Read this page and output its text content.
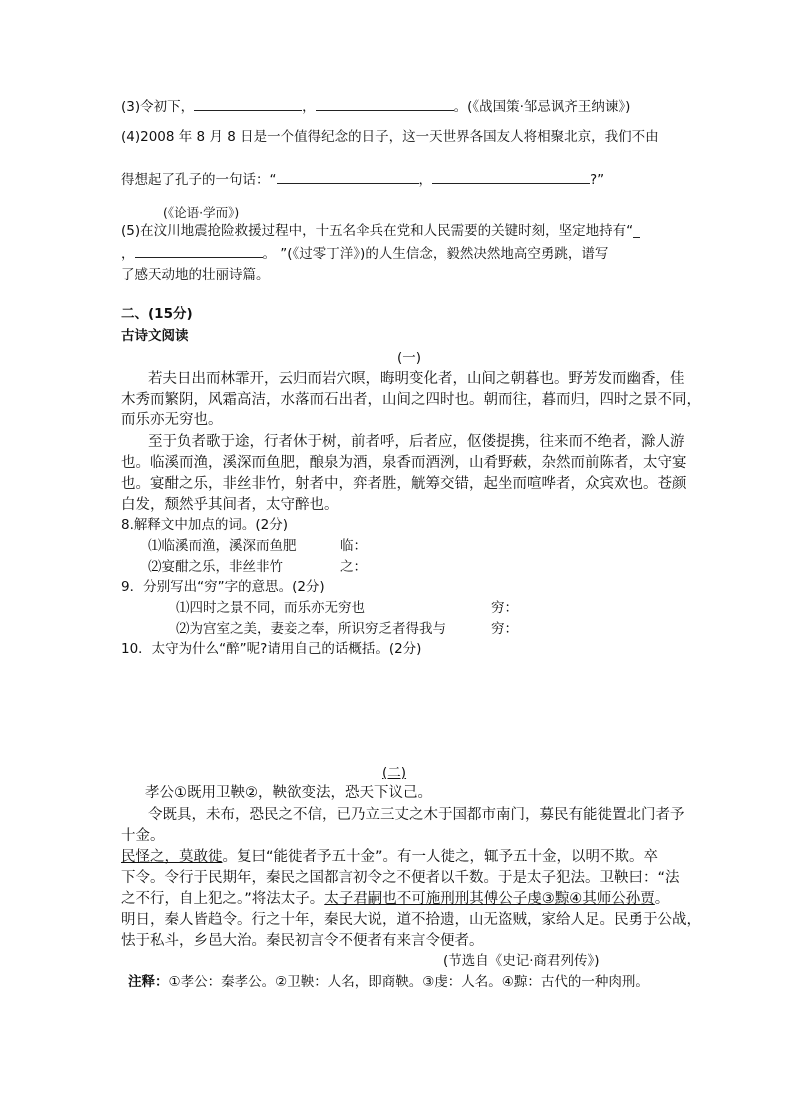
(3)令初下，	，	。(《战国策·邹忌讽齐王纳谏》)
(4)2008 年 8 月 8 日是一个值得纪念的日子，这一天世界各国友人将相聚北京，我们不由
得想起了孔子的一句话：“	，	?”
(《论语·学而》)
(5)在汶川地震抢险救援过程中，十五名伞兵在党和人民需要的关键时刻，坚定地持有“_
，	。 ”(《过零丁洋》)的人生信念，毅然决然地高空勇跳，谱写
了感天动地的壮丽诗篇。
二、(15分)
古诗文阅读
(一)
若夫日出而林霏开，云归而岩穴暝，晦明变化者，山间之朝暮也。野芳发而幽香，佳
木秀而繁阴，风霜高洁，水落而石出者，山间之四时也。朝而往，暮而归，四时之景不同，
而乐亦无穷也。
至于负者歌于途，行者休于树，前者呼，后者应，伛偻提携，往来而不绝者，滁人游
也。临溪而渔，溪深而鱼肥，酿泉为酒，泉香而酒洌，山肴野蔌，杂然而前陈者，太守宴
也。宴酣之乐，非丝非竹，射者中，弈者胜，觥筹交错，起坐而喧哗者，众宾欢也。苍颜
白发，颓然乎其间者，太守醉也。
8.解释文中加点的词。(2分)
⑴临溪而渔，溪深而鱼肥	临：
⑵宴酣之乐，非丝非竹	之：
9．分别写出“穷”字的意思。(2分)
⑴四时之景不同，而乐亦无穷也	穷：
⑵为宫室之美，妻妾之奉，所识穷乏者得我与	穷：
10．太守为什么“醉”呢?请用自己的话概括。(2分)
(二)
孝公①既用卫鞅②，鞅欲变法，恐天下议己。
令既具，未布，恐民之不信，已乃立三丈之木于国都市南门，募民有能徙置北门者予
十金。
民怪之，莫敢徙。复曰“能徙者予五十金”。有一人徙之，辄予五十金，以明不欺。卒
下令。令行于民期年，秦民之国都言初令之不便者以千数。于是太子犯法。卫鞅曰：“法
之不行，自上犯之。”将法太子。太子君嗣也不可施刑刑其傅公子虔③黥④其师公孙贾。
明日，秦人皆趋令。行之十年，秦民大说，道不拾遗，山无盗贼，家给人足。民勇于公战，
怯于私斗，乡邑大治。秦民初言令不便者有来言令便者。
(节选自《史记·商君列传》)
注释：①孝公：秦孝公。②卫鞅：人名，即商鞅。③虔：人名。④黥：古代的一种肉刑。
